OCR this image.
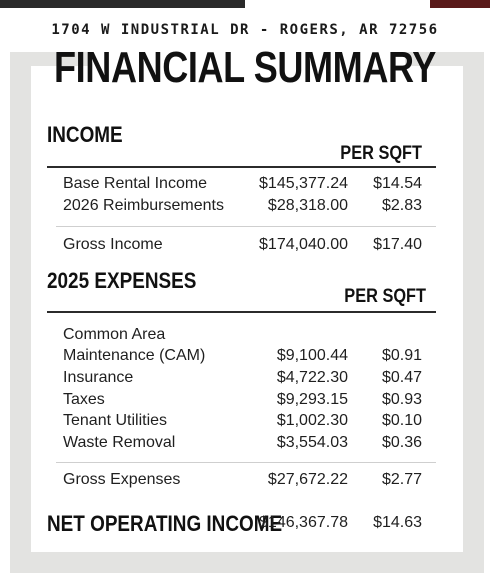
1704 W INDUSTRIAL DR - ROGERS, AR 72756
FINANCIAL SUMMARY
INCOME
PER SQFT
Base Rental Income	$145,377.24 $14.54
2026 Reimbursements	$28,318.00 $2.83
Gross Income	$174,040.00 $17.40
2025 EXPENSES
PER SQFT
Common Area
Maintenance (CAM)	$9,100.44 $0.91
Insurance	$4,722.30 $0.47
Taxes	$9,293.15 $0.93
Tenant Utilities	$1,002.30 $0.10
Waste Removal	$3,554.03 $0.36
Gross Expenses	$27,672.22 $2.77
NET OPERATING INCOME
$146,367.78 $14.63
